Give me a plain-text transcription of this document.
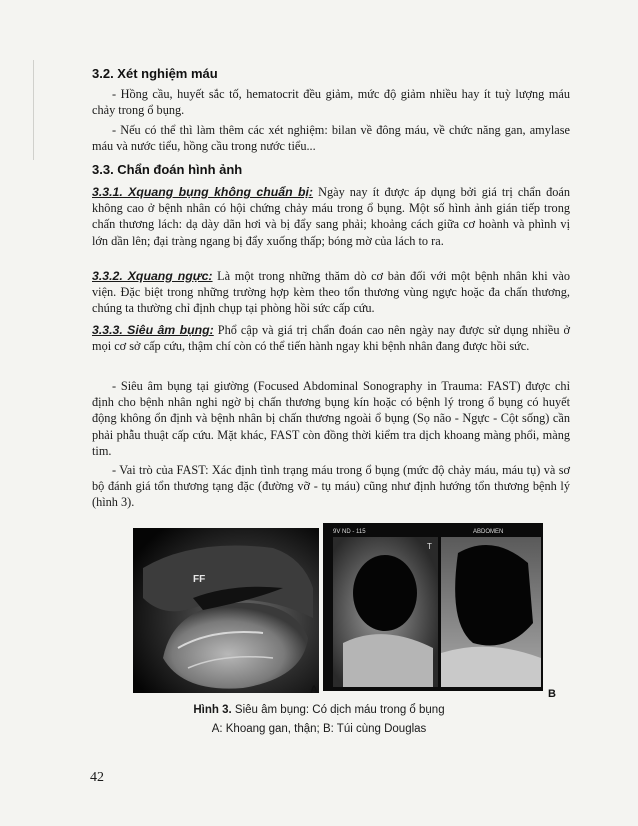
3.2. Xét nghiệm máu
- Hồng cầu, huyết sắc tố, hematocrit đều giảm, mức độ giảm nhiều hay ít tuỳ lượng máu chảy trong ổ bụng.
- Nếu có thể thì làm thêm các xét nghiệm: bilan về đông máu, về chức năng gan, amylase máu và nước tiểu, hồng cầu trong nước tiểu...
3.3. Chẩn đoán hình ảnh
3.3.1. Xquang bụng không chuẩn bị: Ngày nay ít được áp dụng bởi giá trị chẩn đoán không cao ở bệnh nhân có hội chứng chảy máu trong ổ bụng. Một số hình ảnh gián tiếp trong chấn thương lách: dạ dày dãn hơi và bị đẩy sang phải; khoảng cách giữa cơ hoành và phình vị lớn dần lên; đại tràng ngang bị đẩy xuống thấp; bóng mờ của lách to ra.
3.3.2. Xquang ngực: Là một trong những thăm dò cơ bản đối với một bệnh nhân khi vào viện. Đặc biệt trong những trường hợp kèm theo tổn thương vùng ngực hoặc đa chấn thương, chúng ta thường chỉ định chụp tại phòng hồi sức cấp cứu.
3.3.3. Siêu âm bụng: Phổ cập và giá trị chẩn đoán cao nên ngày nay được sử dụng nhiều ở mọi cơ sở cấp cứu, thậm chí còn có thể tiến hành ngay khi bệnh nhân đang được hồi sức.
- Siêu âm bụng tại giường (Focused Abdominal Sonography in Trauma: FAST) được chỉ định cho bệnh nhân nghi ngờ bị chấn thương bụng kín hoặc có bệnh lý trong ổ bụng có huyết động không ổn định và bệnh nhân bị chấn thương ngoài ổ bụng (Sọ não - Ngực - Cột sống) cần phải phẫu thuật cấp cứu. Mặt khác, FAST còn đồng thời kiểm tra dịch khoang màng phổi, màng tim.
- Vai trò của FAST: Xác định tình trạng máu trong ổ bụng (mức độ chảy máu, máu tụ) và sơ bộ đánh giá tổn thương tạng đặc (đường vỡ - tụ máu) cũng như định hướng tổn thương bệnh lý (hình 3).
FF
9V ND - 115	ABDOMEN
T
A	B
Hình 3. Siêu âm bụng: Có dịch máu trong ổ bụng
A: Khoang gan, thận; B: Túi cùng Douglas
42
